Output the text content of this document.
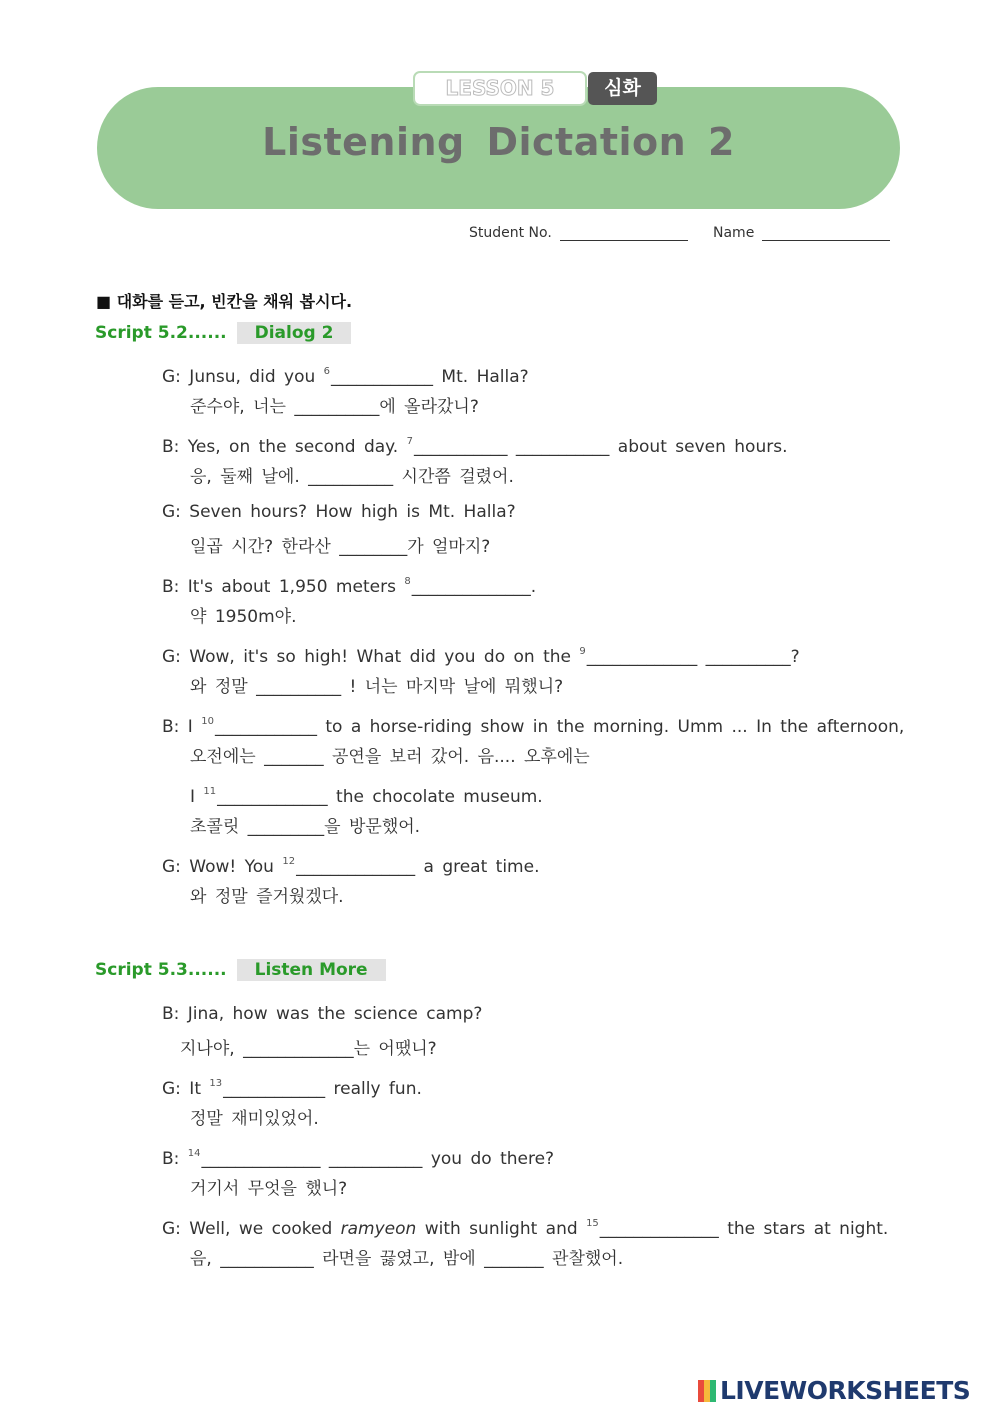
LESSON 5	심화
Listening Dictation 2
Student No.	Name
■ 대화를 듣고, 빈칸을 채워 봅시다.
Script 5.2...... Dialog 2
G: Junsu, did you $^6$____________ Mt. Halla?
준수야, 너는 __________에 올라갔니?
B: Yes, on the second day. $^7$___________ ___________ about seven hours.
응, 둘째 날에. __________ 시간쯤 걸렸어.
G: Seven hours? How high is Mt. Halla?
일곱 시간? 한라산 ________가 얼마지?
B: It's about 1,950 meters $^8$______________.
약 1950m야.
G: Wow, it's so high! What did you do on the $^9$_____________ __________?
와 정말 __________ ! 너는 마지막 날에 뭐했니?
B: I $^{10}$____________ to a horse-riding show in the morning. Umm ... In the afternoon,
오전에는 _______ 공연을 보러 갔어. 음.... 오후에는
I $^{11}$_____________ the chocolate museum.
초콜릿 _________을 방문했어.
G: Wow! You $^{12}$______________ a great time.
와 정말 즐거웠겠다.
Script 5.3...... Listen More
B: Jina, how was the science camp?
지나야, _____________는 어땠니?
G: It $^{13}$____________ really fun.
정말 재미있었어.
B: $^{14}$______________ ___________ you do there?
거기서 무엇을 했니?
G: Well, we cooked ramyeon with sunlight and $^{15}$______________ the stars at night.
음, ___________ 라면을 끓였고, 밤에 _______ 관찰했어.
LIVEWORKSHEETS
